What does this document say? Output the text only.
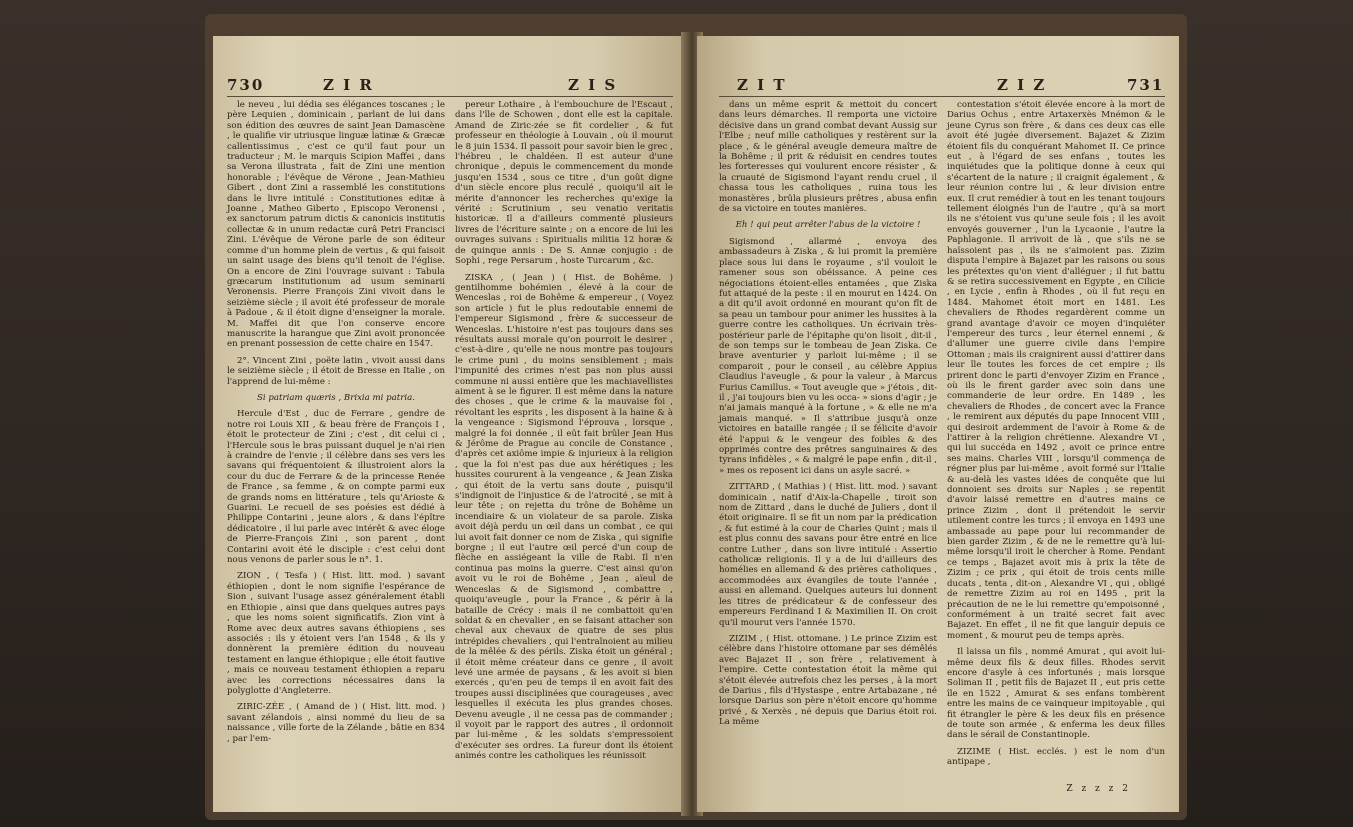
730	Z I R	Z I S

le neveu , lui dédia ses élégances toscanes ; le père Lequien , dominicain , parlant de lui dans son édition des œuvres de saint Jean Damascène , le qualifie vir utriusque linguæ latinæ & Græcæ callentissimus , c'est ce qu'il faut pour un traducteur ; M. le marquis Scipion Maffei , dans sa Verona illustrata , fait de Zini une mention honorable ; l'évêque de Vérone , Jean-Mathieu Gibert , dont Zini a rassemblé les constitutions dans le livre intitulé : Constitutiones editæ à Joanne , Matheo Giberto , Episcopo Veronensi , ex sanctorum patrum dictis & canonicis institutis collectæ & in unum redactæ curâ Petri Francisci Zini. L'évêque de Vérone parle de son éditeur comme d'un homme plein de vertus , & qui faisoit un saint usage des biens qu'il tenoit de l'église. On a encore de Zini l'ouvrage suivant : Tabula græcarum institutionum ad usum seminarii Veronensis. Pierre François Zini vivoit dans le seizième siècle ; il avoit été professeur de morale à Padoue , & il étoit digne d'enseigner la morale. M. Maffei dit que l'on conserve encore manuscrite la harangue que Zini avoit prononcée en prenant possession de cette chaire en 1547.

2°. Vincent Zini , poëte latin , vivoit aussi dans le seizième siècle ; il étoit de Bresse en Italie , on l'apprend de lui-même :

Si patriam quæris , Brixia mi patria.

Hercule d'Est , duc de Ferrare , gendre de notre roi Louis XII , & beau frère de François I , étoit le protecteur de Zini ; c'est , dit celui ci , l'Hercule sous le bras puissant duquel je n'ai rien à craindre de l'envie ; il célèbre dans ses vers les savans qui fréquentoient & illustroient alors la cour du duc de Ferrare & de la princesse Renée de France , sa femme , & on compte parmi eux de grands noms en littérature , tels qu'Arioste & Guarini. Le recueil de ses poésies est dédié à Philippe Contarini , jeune alors , & dans l'épître dédicatoire , il lui parle avec intérêt & avec éloge de Pierre-François Zini , son parent , dont Contarini avoit été le disciple : c'est celui dont nous venons de parler sous le n°. 1.

ZION , ( Tesfa ) ( Hist. litt. mod. ) savant éthiopien , dont le nom signifie l'espérance de Sion , suivant l'usage assez généralement établi en Ethiopie , ainsi que dans quelques autres pays , que les noms soient significatifs. Zion vint à Rome avec deux autres savans éthiopiens , ses associés : ils y étoient vers l'an 1548 , & ils y donnèrent la première édition du nouveau testament en langue éthiopique ; elle étoit fautive , mais ce nouveau testament éthiopien a reparu avec les corrections nécessaires dans la polyglotte d'Angleterre.

ZIRIC-ZÉE , ( Amand de ) ( Hist. litt. mod. ) savant zélandois , ainsi nommé du lieu de sa naissance , ville forte de la Zélande , bâtie en 834 , par l'em-

pereur Lothaire , à l'embouchure de l'Escaut , dans l'île de Schowen , dont elle est la capitale. Amand de Ziric-zée se fit cordelier , & fut professeur en théologie à Louvain , où il mourut le 8 juin 1534. Il passoit pour savoir bien le grec , l'hébreu , le chaldéen. Il est auteur d'une chronique , depuis le commencement du monde jusqu'en 1534 , sous ce titre , d'un goût digne d'un siècle encore plus reculé , quoiqu'il ait le mérite d'annoncer les recherches qu'exige la vérité : Scrutinium , seu venatio veritatis historicæ. Il a d'ailleurs commenté plusieurs livres de l'écriture sainte ; on a encore de lui les ouvrages suivans : Spiritualis militia 12 horæ & de quinque annis : De S. Annæ conjugio : de Sophi , rege Persarum , hoste Turcarum , &c.

ZISKA , ( Jean ) ( Hist. de Bohême. ) gentilhomme bohémien , élevé à la cour de Wenceslas , roi de Bohême & empereur , ( Voyez son article ) fut le plus redoutable ennemi de l'empereur Sigismond , frère & successeur de Wenceslas. L'histoire n'est pas toujours dans ses résultats aussi morale qu'on pourroit le desirer , c'est-à-dire , qu'elle ne nous montre pas toujours le crime puni , du moins sensiblement ; mais l'impunité des crimes n'est pas non plus aussi commune ni aussi entière que les machiavellistes aiment à se le figurer. Il est même dans la nature des choses , que le crime & la mauvaise foi , révoltant les esprits , les disposent à la haine & à la vengeance : Sigismond l'éprouva , lorsque , malgré la foi donnée , il eût fait brûler Jean Hus & Jérôme de Prague au concile de Constance , d'après cet axiôme impie & injurieux à la religion , que la foi n'est pas due aux hérétiques ; les hussites coururent à la vengeance , & Jean Ziska , qui étoit de la vertu sans doute , puisqu'il s'indignoit de l'injustice & de l'atrocité , se mit à leur tête ; on rejetta du trône de Bohême un incendiaire & un violateur de sa parole. Ziska avoit déjà perdu un œil dans un combat , ce qui lui avoit fait donner ce nom de Ziska , qui signifie borgne ; il eut l'autre œil percé d'un coup de flèche en assiégeant la ville de Rabi. Il n'en continua pas moins la guerre. C'est ainsi qu'on avoit vu le roi de Bohême , Jean , aïeul de Wenceslas & de Sigismond , combattre , quoiqu'aveugle , pour la France , & périr à la bataille de Crécy : mais il ne combattoit qu'en soldat & en chevalier , en se faisant attacher son cheval aux chevaux de quatre de ses plus intrépides chevaliers , qui l'entraînoient au milieu de la mêlée & des périls. Ziska étoit un général ; il étoit même créateur dans ce genre , il avoit levé une armée de paysans , & les avoit si bien exercés , qu'en peu de temps il en avoit fait des troupes aussi disciplinées que courageuses , avec lesquelles il exécuta les plus grandes choses. Devenu aveugle , il ne cessa pas de commander ; il voyoit par le rapport des autres , il ordonnoit par lui-même , & les soldats s'empressoient d'exécuter ses ordres. La fureur dont ils étoient animés contre les catholiques les réunissoit

Z I T	Z I Z	731

dans un même esprit & mettoit du concert dans leurs démarches. Il remporta une victoire décisive dans un grand combat devant Aussig sur l'Elbe ; neuf mille catholiques y restèrent sur la place , & le général aveugle demeura maître de la Bohême ; il prit & réduisit en cendres toutes les forteresses qui voulurent encore résister , & la cruauté de Sigismond l'ayant rendu cruel , il chassa tous les catholiques , ruina tous les monastères , brûla plusieurs prêtres , abusa enfin de sa victoire en toutes manières.

Eh ! qui peut arrêter l'abus de la victoire !

Sigismond , allarmé , envoya des ambassadeurs à Ziska , & lui promit la première place sous lui dans le royaume , s'il vouloit le ramener sous son obéissance. A peine ces négociations étoient-elles entamées , que Ziska fut attaqué de la peste : il en mourut en 1424. On a dit qu'il avoit ordonné en mourant qu'on fît de sa peau un tambour pour animer les hussites à la guerre contre les catholiques. Un écrivain très-postérieur parle de l'épitaphe qu'on lisoit , dit-il , de son temps sur le tombeau de Jean Ziska. Ce brave aventurier y parloit lui-même ; il se comparoit , pour le conseil , au célèbre Appius Claudius l'aveugle , & pour la valeur , à Marcus Furius Camillus. « Tout aveugle que » j'étois , dit-il , j'ai toujours bien vu les occa- » sions d'agir ; je n'ai jamais manqué à la fortune , » & elle ne m'a jamais manqué. » Il s'attribue jusqu'à onze victoires en bataille rangée ; il se félicite d'avoir été l'appui & le vengeur des foibles & des opprimés contre des prêtres sanguinaires & des tyrans infidèles , « & malgré le pape enfin , dit-il , » mes os reposent ici dans un asyle sacré. »

ZITTARD , ( Mathias ) ( Hist. litt. mod. ) savant dominicain , natif d'Aix-la-Chapelle , tiroit son nom de Zittard , dans le duché de Juliers , dont il étoit originaire. Il se fit un nom par la prédication , & fut estimé à la cour de Charles Quint ; mais il est plus connu des savans pour être entré en lice contre Luther , dans son livre intitulé : Assertio catholicæ religionis. Il y a de lui d'ailleurs des homélies en allemand & des prières catholiques , accommodées aux évangiles de toute l'année , aussi en allemand. Quelques auteurs lui donnent les titres de prédicateur & de confesseur des empereurs Ferdinand I & Maximilien II. On croit qu'il mourut vers l'année 1570.

ZIZIM , ( Hist. ottomane. ) Le prince Zizim est célèbre dans l'histoire ottomane par ses démêlés avec Bajazet II , son frère , relativement à l'empire. Cette contestation étoit la même qui s'étoit élevée autrefois chez les perses , à la mort de Darius , fils d'Hystaspe , entre Artabazane , né lorsque Darius son père n'étoit encore qu'homme privé , & Xerxès , né depuis que Darius étoit roi. La même

contestation s'étoit élevée encore à la mort de Darius Ochus , entre Artaxerxès Mnémon & le jeune Cyrus son frère , & dans ces deux cas elle avoit été jugée diversement. Bajazet & Zizim étoient fils du conquérant Mahomet II. Ce prince eut , à l'égard de ses enfans , toutes les inquiétudes que la politique donne à ceux qui s'écartent de la nature ; il craignit également , & leur réunion contre lui , & leur division entre eux. Il crut remédier à tout en les tenant toujours tellement éloignés l'un de l'autre , qu'à sa mort ils ne s'étoient vus qu'une seule fois ; il les avoit envoyés gouverner , l'un la Lycaonie , l'autre la Paphlagonie. Il arrivoit de là , que s'ils ne se haïssoient pas , ils ne s'aimoient pas. Zizim disputa l'empire à Bajazet par les raisons ou sous les prétextes qu'on vient d'alléguer ; il fut battu & se retira successivement en Egypte , en Cilicie , en Lycie , enfin à Rhodes , où il fut reçu en 1484. Mahomet étoit mort en 1481. Les chevaliers de Rhodes regardèrent comme un grand avantage d'avoir ce moyen d'inquiéter l'empereur des turcs , leur éternel ennemi , & d'allumer une guerre civile dans l'empire Ottoman ; mais ils craignirent aussi d'attirer dans leur île toutes les forces de cet empire ; ils prirent donc le parti d'envoyer Zizim en France , où ils le firent garder avec soin dans une commanderie de leur ordre. En 1489 , les chevaliers de Rhodes , de concert avec la France , le remirent aux députés du pape Innocent VIII , qui desiroit ardemment de l'avoir à Rome & de l'attirer à la religion chrétienne. Alexandre VI , qui lui succéda en 1492 , avoit ce prince entre ses mains. Charles VIII , lorsqu'il commença de régner plus par lui-même , avoit formé sur l'Italie & au-delà les vastes idées de conquête que lui donnoient ses droits sur Naples ; se repentit d'avoir laissé remettre en d'autres mains ce prince Zizim , dont il prétendoit le servir utilement contre les turcs ; il envoya en 1493 une ambassade au pape pour lui recommander de bien garder Zizim , & de ne le remettre qu'à lui-même lorsqu'il iroit le chercher à Rome. Pendant ce temps , Bajazet avoit mis à prix la tête de Zizim ; ce prix , qui étoit de trois cents mille ducats , tenta , dit-on , Alexandre VI , qui , obligé de remettre Zizim au roi en 1495 , prit la précaution de ne le lui remettre qu'empoisonné , conformément à un traité secret fait avec Bajazet. En effet , il ne fit que languir depuis ce moment , & mourut peu de temps après.

Il laissa un fils , nommé Amurat , qui avoit lui-même deux fils & deux filles. Rhodes servit encore d'asyle à ces infortunés ; mais lorsque Soliman II , petit fils de Bajazet II , eut pris cette île en 1522 , Amurat & ses enfans tombèrent entre les mains de ce vainqueur impitoyable , qui fit étrangler le père & les deux fils en présence de toute son armée , & enferma les deux filles dans le sérail de Constantinople.

ZIZIME ( Hist. ecclés. ) est le nom d'un antipape ,

Z z z z 2
